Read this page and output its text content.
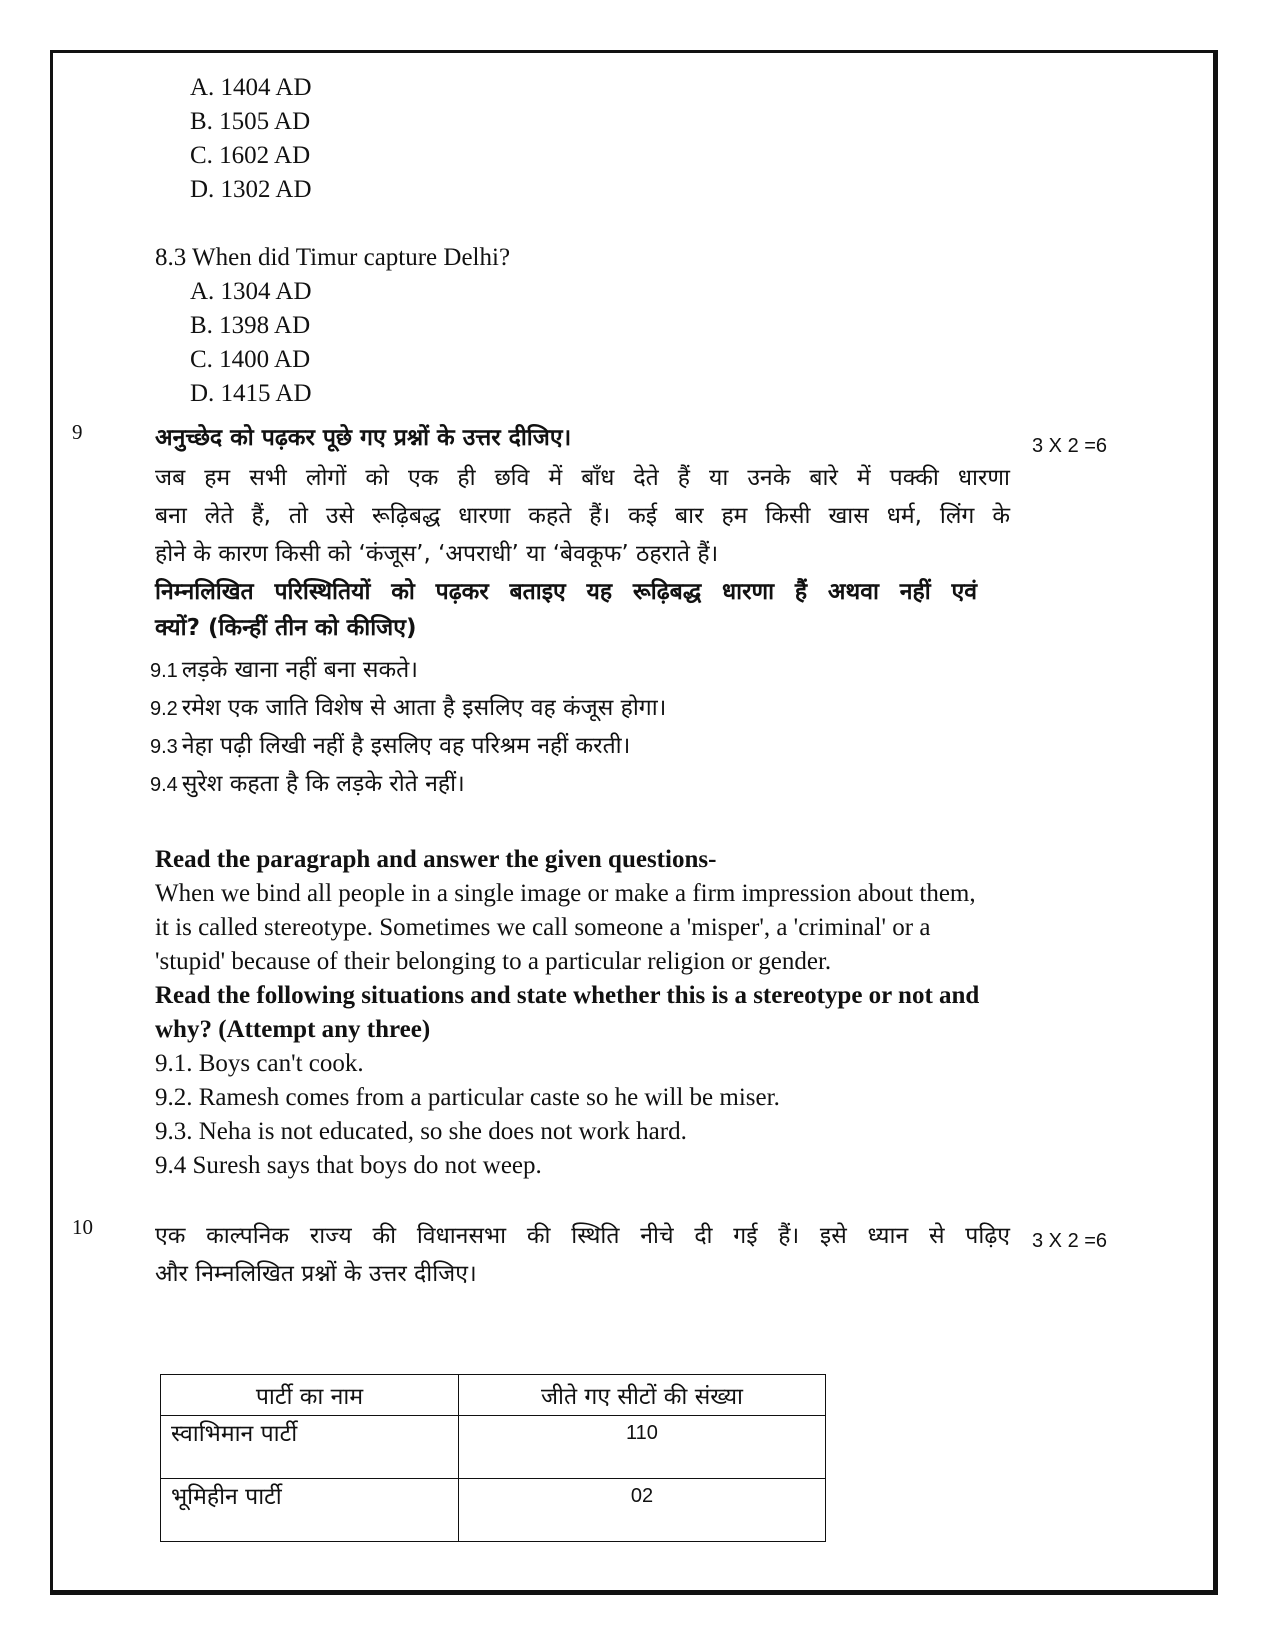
A. 1404 AD
B. 1505 AD
C. 1602 AD
D. 1302 AD
8.3 When did Timur capture Delhi?
A. 1304 AD
B. 1398 AD
C. 1400 AD
D. 1415 AD
9
3 X 2 =6
अनुच्छेद को पढ़कर पूछे गए प्रश्नों के उत्तर दीजिए।
जब हम सभी लोगों को एक ही छवि में बाँध देते हैं या उनके बारे में पक्की धारणा
बना लेते हैं, तो उसे रूढ़िबद्ध धारणा कहते हैं। कई बार हम किसी खास धर्म, लिंग के
होने के कारण किसी को ‘कंजूस’, ‘अपराधी’ या ‘बेवकूफ’ ठहराते हैं।
निम्नलिखित परिस्थितियों को पढ़कर बताइए यह रूढ़िबद्ध धारणा हैं अथवा नहीं एवं
क्यों? (किन्हीं तीन को कीजिए)
9.1 लड़के खाना नहीं बना सकते।
9.2 रमेश एक जाति विशेष से आता है इसलिए वह कंजूस होगा।
9.3 नेहा पढ़ी लिखी नहीं है इसलिए वह परिश्रम नहीं करती।
9.4 सुरेश कहता है कि लड़के रोते नहीं।
Read the paragraph and answer the given questions-
When we bind all people in a single image or make a firm impression about them,
it is called stereotype. Sometimes we call someone a 'misper', a 'criminal' or a
'stupid' because of their belonging to a particular religion or gender.
Read the following situations and state whether this is a stereotype or not and
why? (Attempt any three)
9.1. Boys can't cook.
9.2. Ramesh comes from a particular caste so he will be miser.
9.3. Neha is not educated, so she does not work hard.
9.4 Suresh says that boys do not weep.
10
3 X 2 =6
एक काल्पनिक राज्य की विधानसभा की स्थिति नीचे दी गई हैं। इसे ध्यान से पढ़िए
और निम्नलिखित प्रश्नों के उत्तर दीजिए।
पार्टी का नाम	जीते गए सीटों की संख्या
स्वाभिमान पार्टी	110
भूमिहीन पार्टी	02
